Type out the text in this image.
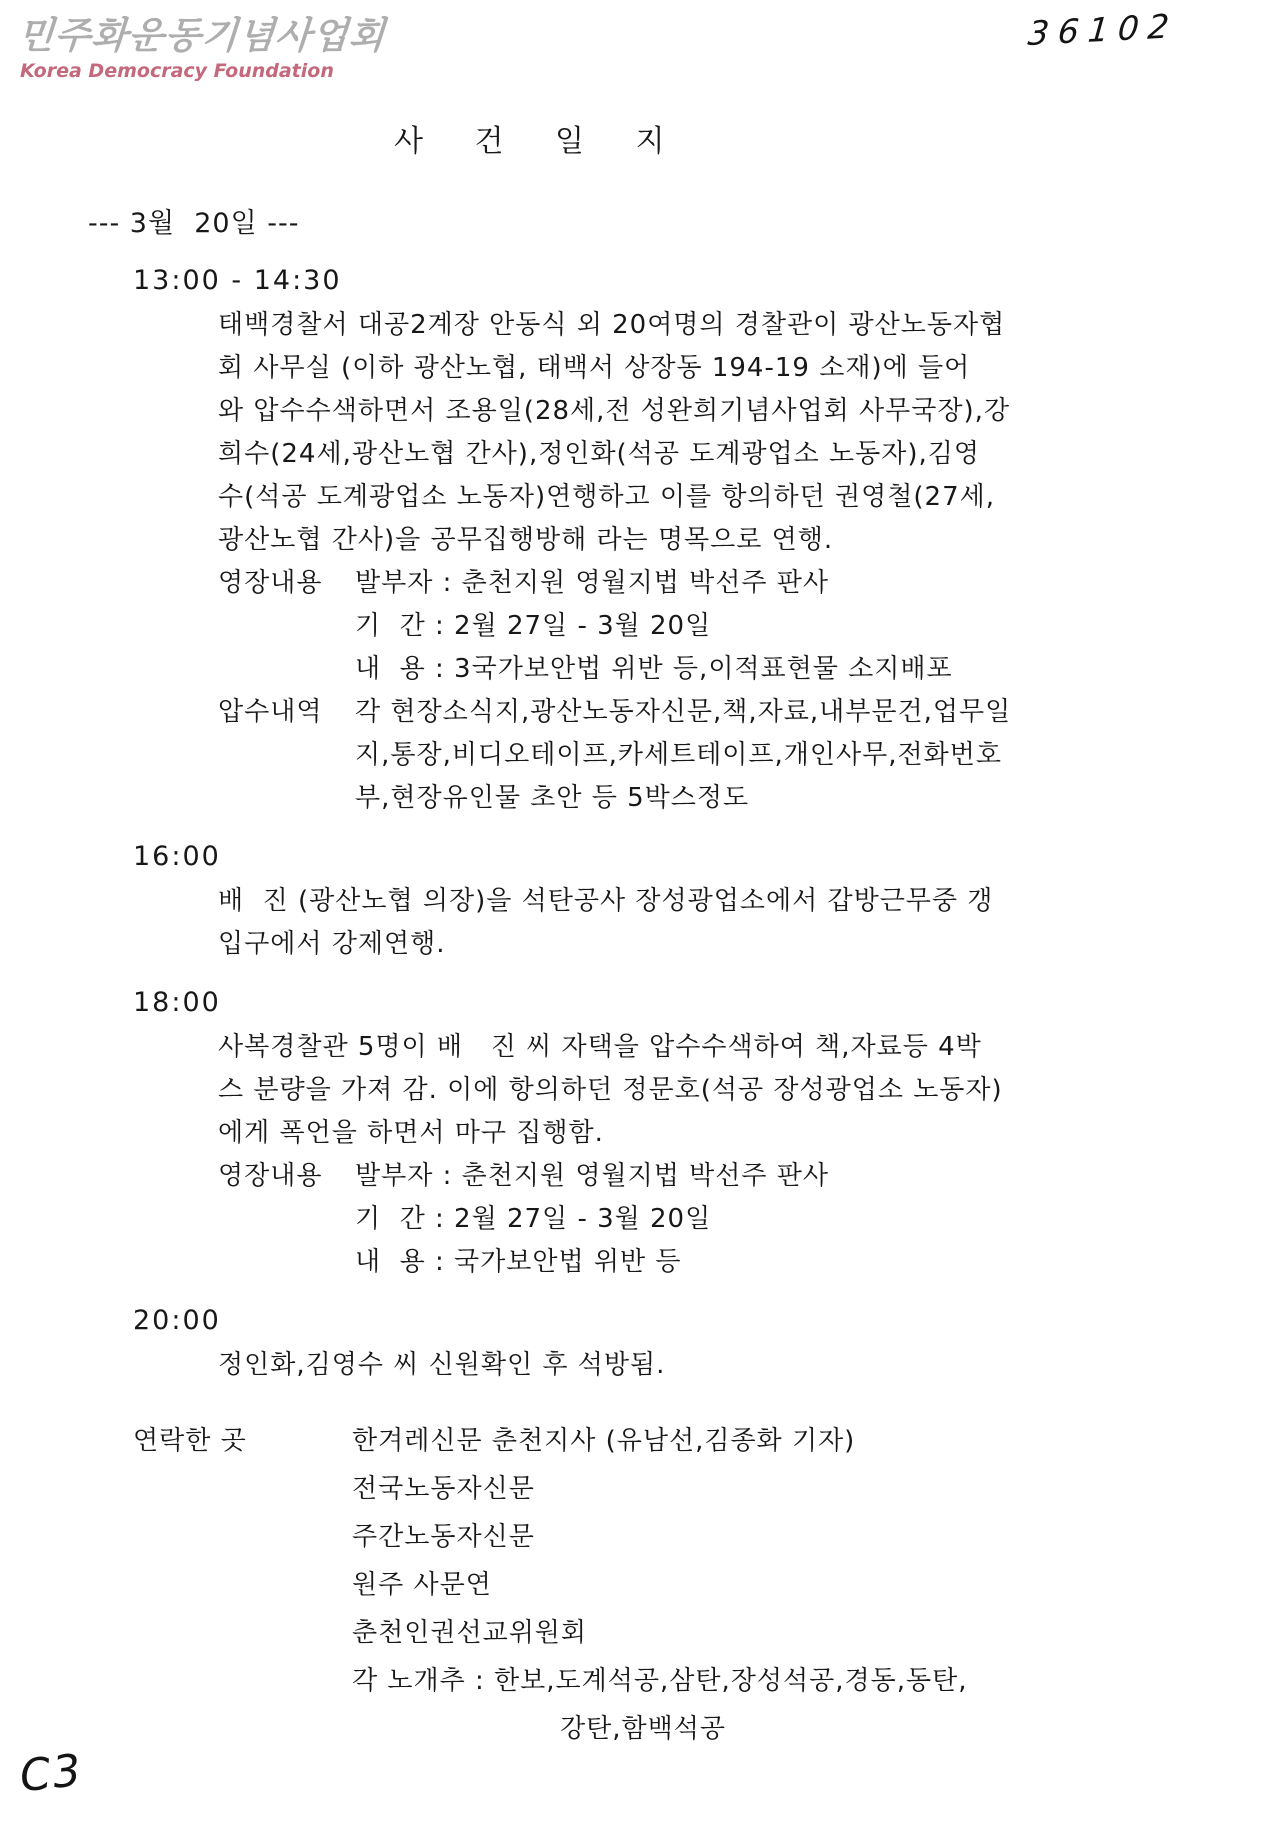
민주화운동기념사업회
Korea Democracy Foundation
36102
사 건 일 지
--- 3월  20일 ---
13:00 - 14:30
태백경찰서 대공2계장 안동식 외 20여명의 경찰관이 광산노동자협
회 사무실 (이하 광산노협, 태백서 상장동 194-19 소재)에 들어
와 압수수색하면서 조용일(28세,전 성완희기념사업회 사무국장),강
희수(24세,광산노협 간사),정인화(석공 도계광업소 노동자),김영
수(석공 도계광업소 노동자)연행하고 이를 항의하던 권영철(27세,
광산노협 간사)을 공무집행방해 라는 명목으로 연행.
영장내용	발부자 : 춘천지원 영월지법 박선주 판사
기  간 : 2월 27일 - 3월 20일
내  용 : 3국가보안법 위반 등,이적표현물 소지배포
압수내역	각 현장소식지,광산노동자신문,책,자료,내부문건,업무일
지,통장,비디오테이프,카세트테이프,개인사무,전화번호
부,현장유인물 초안 등 5박스정도
16:00
배  진 (광산노협 의장)을 석탄공사 장성광업소에서 갑방근무중 갱
입구에서 강제연행.
18:00
사복경찰관 5명이 배   진 씨 자택을 압수수색하여 책,자료등 4박
스 분량을 가져 감. 이에 항의하던 정문호(석공 장성광업소 노동자)
에게 폭언을 하면서 마구 집행함.
영장내용	발부자 : 춘천지원 영월지법 박선주 판사
기  간 : 2월 27일 - 3월 20일
내  용 : 국가보안법 위반 등
20:00
정인화,김영수 씨 신원확인 후 석방됨.
연락한 곳	한겨레신문 춘천지사 (유남선,김종화 기자)
전국노동자신문
주간노동자신문
원주 사문연
춘천인권선교위원회
각 노개추 : 한보,도계석공,삼탄,장성석공,경동,동탄,
강탄,함백석공
C3
